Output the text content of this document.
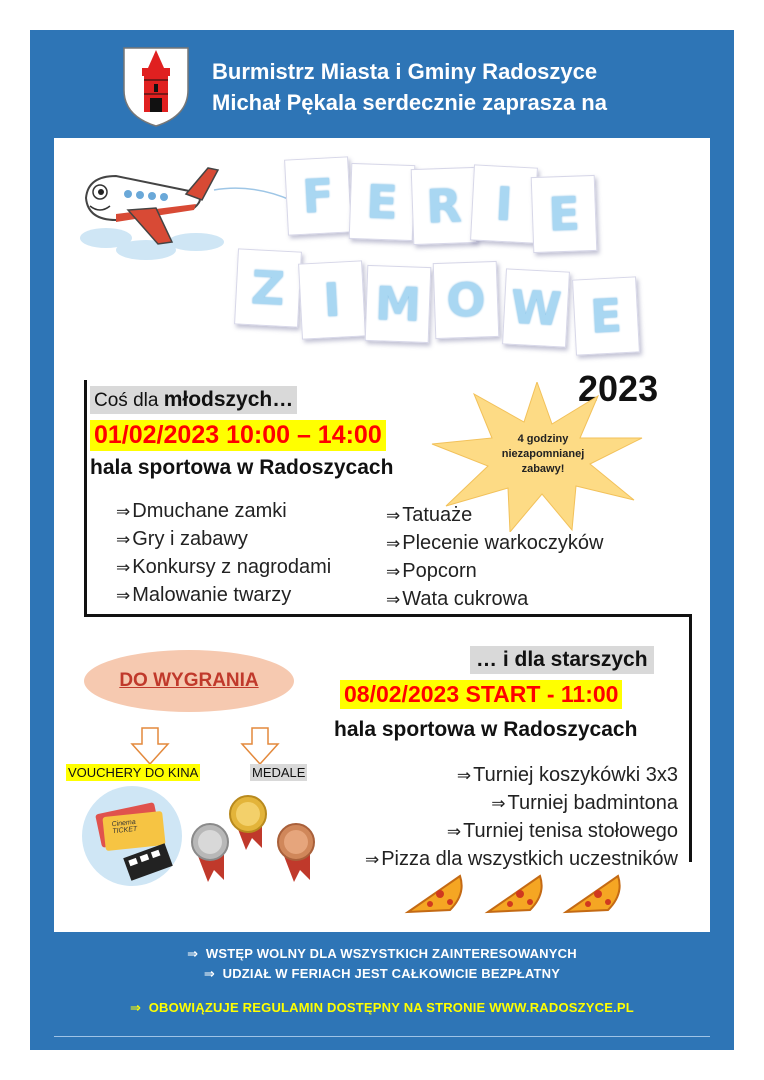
Burmistrz Miasta i Gminy Radoszyce
Michał Pękala serdecznie zaprasza na
F E R I E
Z I M O W E
2023
4 godziny
niezapomnianej
zabawy!
Coś dla młodszych…
01/02/2023 10:00 – 14:00
hala sportowa w Radoszycach
⇒ Dmuchane zamki
⇒ Gry i zabawy
⇒ Konkursy z nagrodami
⇒ Malowanie twarzy
⇒ Tatuaże
⇒ Plecenie warkoczyków
⇒ Popcorn
⇒ Wata cukrowa
DO WYGRANIA
VOUCHERY DO KINA	MEDALE
Cinema
TICKET
… i dla starszych
08/02/2023 START - 11:00
hala sportowa w Radoszycach
⇒ Turniej koszykówki 3x3
⇒ Turniej badmintona
⇒ Turniej tenisa stołowego
⇒ Pizza dla wszystkich uczestników
⇒ WSTĘP WOLNY DLA WSZYSTKICH ZAINTERESOWANYCH
⇒ UDZIAŁ W FERIACH JEST CAŁKOWICIE BEZPŁATNY
⇒ OBOWIĄZUJE REGULAMIN DOSTĘPNY NA STRONIE WWW.RADOSZYCE.PL
